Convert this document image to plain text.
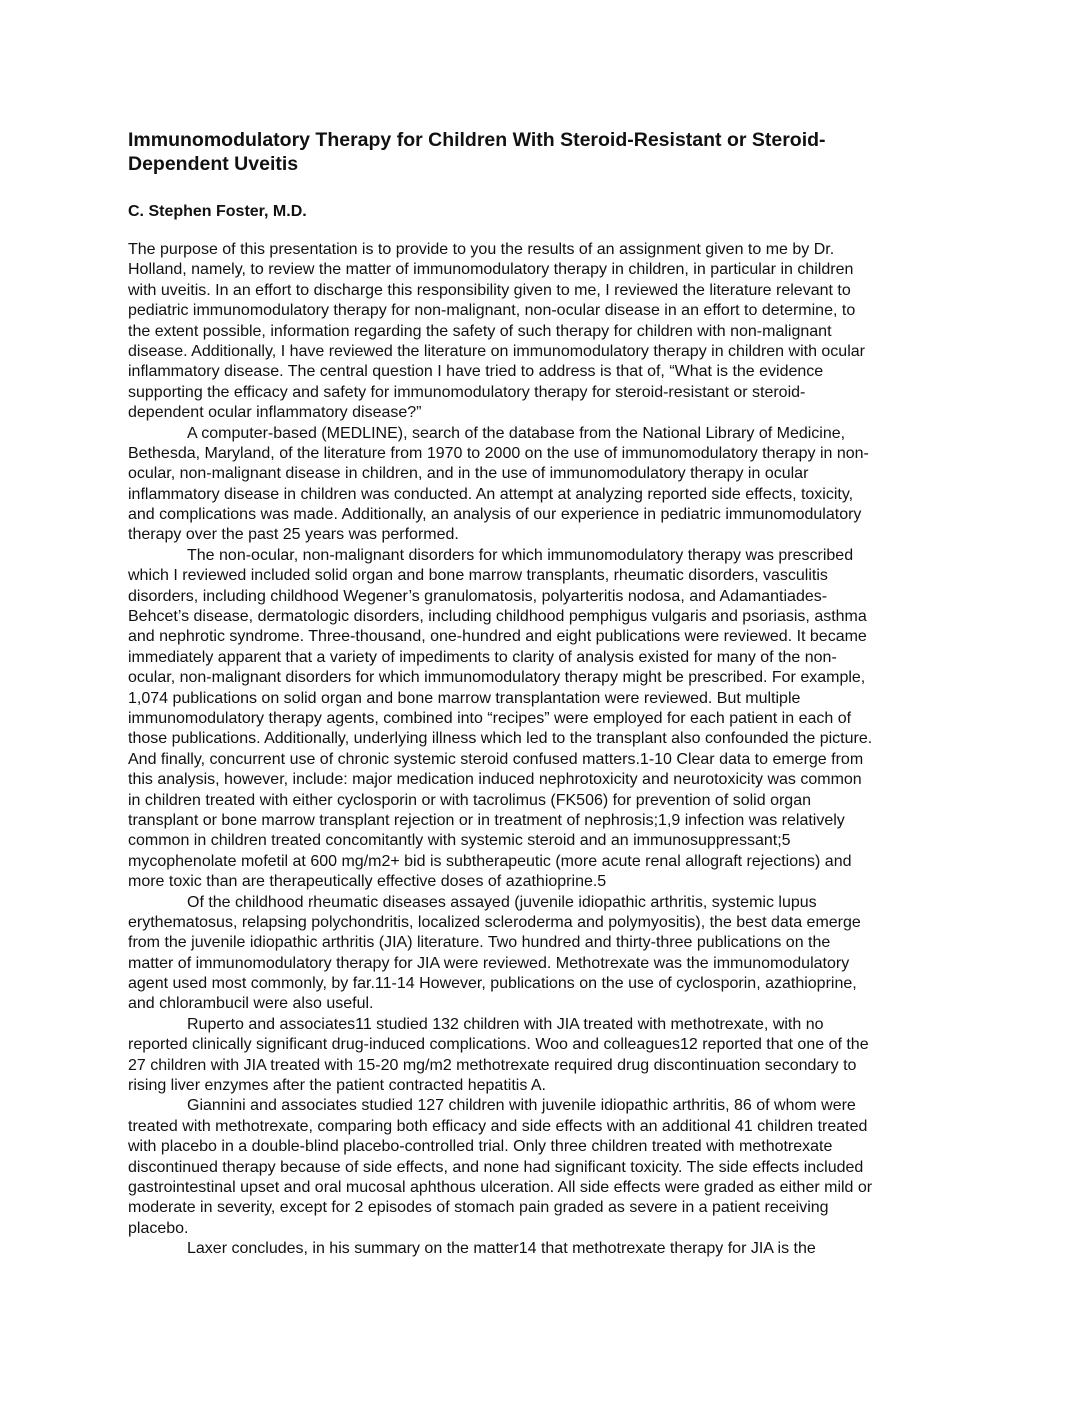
Immunomodulatory Therapy for Children With Steroid-Resistant or Steroid-
Dependent Uveitis

C. Stephen Foster, M.D.

The purpose of this presentation is to provide to you the results of an assignment given to me by Dr.
Holland, namely, to review the matter of immunomodulatory therapy in children, in particular in children
with uveitis. In an effort to discharge this responsibility given to me, I reviewed the literature relevant to
pediatric immunomodulatory therapy for non-malignant, non-ocular disease in an effort to determine, to
the extent possible, information regarding the safety of such therapy for children with non-malignant
disease. Additionally, I have reviewed the literature on immunomodulatory therapy in children with ocular
inflammatory disease. The central question I have tried to address is that of, “What is the evidence
supporting the efficacy and safety for immunomodulatory therapy for steroid-resistant or steroid-
dependent ocular inflammatory disease?”
A computer-based (MEDLINE), search of the database from the National Library of Medicine,
Bethesda, Maryland, of the literature from 1970 to 2000 on the use of immunomodulatory therapy in non-
ocular, non-malignant disease in children, and in the use of immunomodulatory therapy in ocular
inflammatory disease in children was conducted. An attempt at analyzing reported side effects, toxicity,
and complications was made. Additionally, an analysis of our experience in pediatric immunomodulatory
therapy over the past 25 years was performed.
The non-ocular, non-malignant disorders for which immunomodulatory therapy was prescribed
which I reviewed included solid organ and bone marrow transplants, rheumatic disorders, vasculitis
disorders, including childhood Wegener’s granulomatosis, polyarteritis nodosa, and Adamantiades-
Behcet’s disease, dermatologic disorders, including childhood pemphigus vulgaris and psoriasis, asthma
and nephrotic syndrome. Three-thousand, one-hundred and eight publications were reviewed. It became
immediately apparent that a variety of impediments to clarity of analysis existed for many of the non-
ocular, non-malignant disorders for which immunomodulatory therapy might be prescribed. For example,
1,074 publications on solid organ and bone marrow transplantation were reviewed. But multiple
immunomodulatory therapy agents, combined into “recipes” were employed for each patient in each of
those publications. Additionally, underlying illness which led to the transplant also confounded the picture.
And finally, concurrent use of chronic systemic steroid confused matters.1-10 Clear data to emerge from
this analysis, however, include: major medication induced nephrotoxicity and neurotoxicity was common
in children treated with either cyclosporin or with tacrolimus (FK506) for prevention of solid organ
transplant or bone marrow transplant rejection or in treatment of nephrosis;1,9 infection was relatively
common in children treated concomitantly with systemic steroid and an immunosuppressant;5
mycophenolate mofetil at 600 mg/m2+ bid is subtherapeutic (more acute renal allograft rejections) and
more toxic than are therapeutically effective doses of azathioprine.5
Of the childhood rheumatic diseases assayed (juvenile idiopathic arthritis, systemic lupus
erythematosus, relapsing polychondritis, localized scleroderma and polymyositis), the best data emerge
from the juvenile idiopathic arthritis (JIA) literature. Two hundred and thirty-three publications on the
matter of immunomodulatory therapy for JIA were reviewed. Methotrexate was the immunomodulatory
agent used most commonly, by far.11-14 However, publications on the use of cyclosporin, azathioprine,
and chlorambucil were also useful.
Ruperto and associates11 studied 132 children with JIA treated with methotrexate, with no
reported clinically significant drug-induced complications. Woo and colleagues12 reported that one of the
27 children with JIA treated with 15-20 mg/m2 methotrexate required drug discontinuation secondary to
rising liver enzymes after the patient contracted hepatitis A.
Giannini and associates studied 127 children with juvenile idiopathic arthritis, 86 of whom were
treated with methotrexate, comparing both efficacy and side effects with an additional 41 children treated
with placebo in a double-blind placebo-controlled trial. Only three children treated with methotrexate
discontinued therapy because of side effects, and none had significant toxicity. The side effects included
gastrointestinal upset and oral mucosal aphthous ulceration. All side effects were graded as either mild or
moderate in severity, except for 2 episodes of stomach pain graded as severe in a patient receiving
placebo.
Laxer concludes, in his summary on the matter14 that methotrexate therapy for JIA is the
